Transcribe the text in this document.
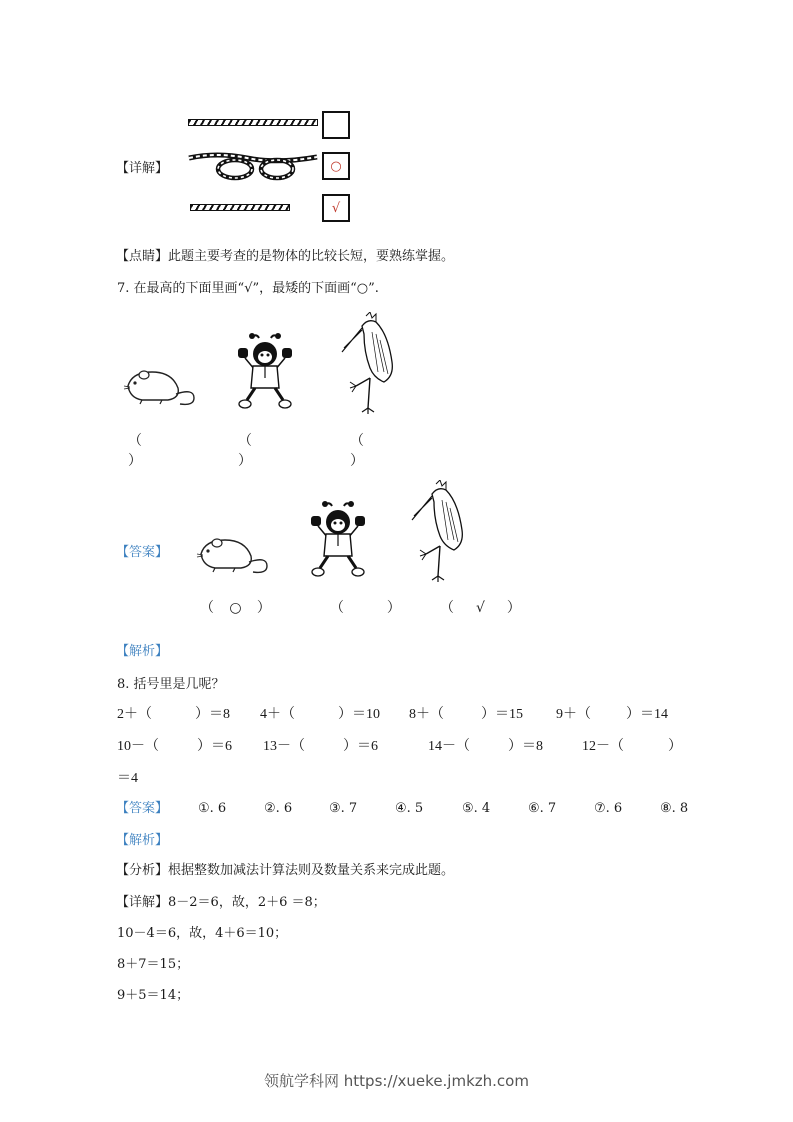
【详解】	○
√
【点睛】此题主要考查的是物体的比较长短，要熟练掌握。
7. 在最高的下面里画“√”，最矮的下面画“○”.
（  ）
（  ）
（  ）
【答案】
（ ○ ）	（	）	（ √ ）
【解析】
8. 括号里是几呢？
2＋（	）＝8 4＋（	）＝10 8＋（	）＝15 9＋（	）＝14
10－（	）＝6 13－（	）＝6	14－（	）＝8	12－（	）
＝4
【答案】 ①. 6	②. 6	③. 7	④. 5	⑤. 4	⑥. 7	⑦. 6	⑧. 8
【解析】
【分析】根据整数加减法计算法则及数量关系来完成此题。
【详解】8－2＝6，故，2＋6 ＝8；
10－4＝6，故，4＋6＝10；
8＋7＝15；
9＋5＝14；
领航学科网 https://xueke.jmkzh.com
